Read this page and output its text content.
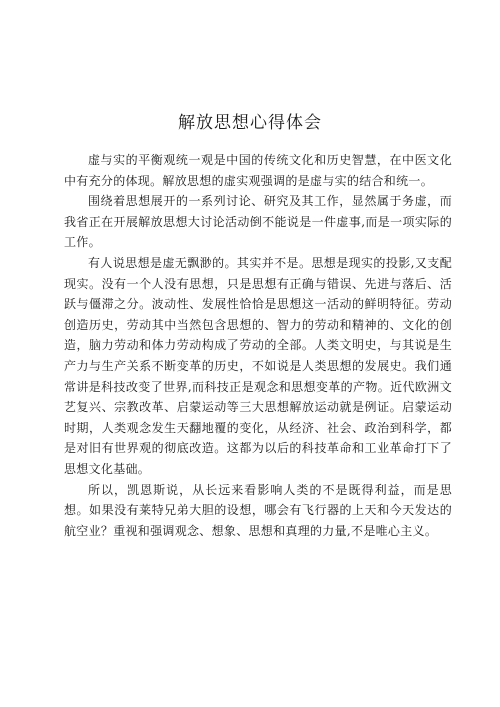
解放思想心得体会

虚与实的平衡观统一观是中国的传统文化和历史智慧，在中医文化中有充分的体现。解放思想的虚实观强调的是虚与实的结合和统一。

围绕着思想展开的一系列讨论、研究及其工作，显然属于务虚，而我省正在开展解放思想大讨论活动倒不能说是一件虚事,而是一项实际的工作。

有人说思想是虚无飘渺的。其实并不是。思想是现实的投影,又支配现实。没有一个人没有思想，只是思想有正确与错误、先进与落后、活跃与僵滞之分。波动性、发展性恰恰是思想这一活动的鲜明特征。劳动创造历史，劳动其中当然包含思想的、智力的劳动和精神的、文化的创造，脑力劳动和体力劳动构成了劳动的全部。人类文明史，与其说是生产力与生产关系不断变革的历史，不如说是人类思想的发展史。我们通常讲是科技改变了世界,而科技正是观念和思想变革的产物。近代欧洲文艺复兴、宗教改革、启蒙运动等三大思想解放运动就是例证。启蒙运动时期，人类观念发生天翻地覆的变化，从经济、社会、政治到科学，都是对旧有世界观的彻底改造。这都为以后的科技革命和工业革命打下了思想文化基础。

所以，凯恩斯说，从长远来看影响人类的不是既得利益，而是思想。如果没有莱特兄弟大胆的设想，哪会有飞行器的上天和今天发达的航空业？重视和强调观念、想象、思想和真理的力量,不是唯心主义。
